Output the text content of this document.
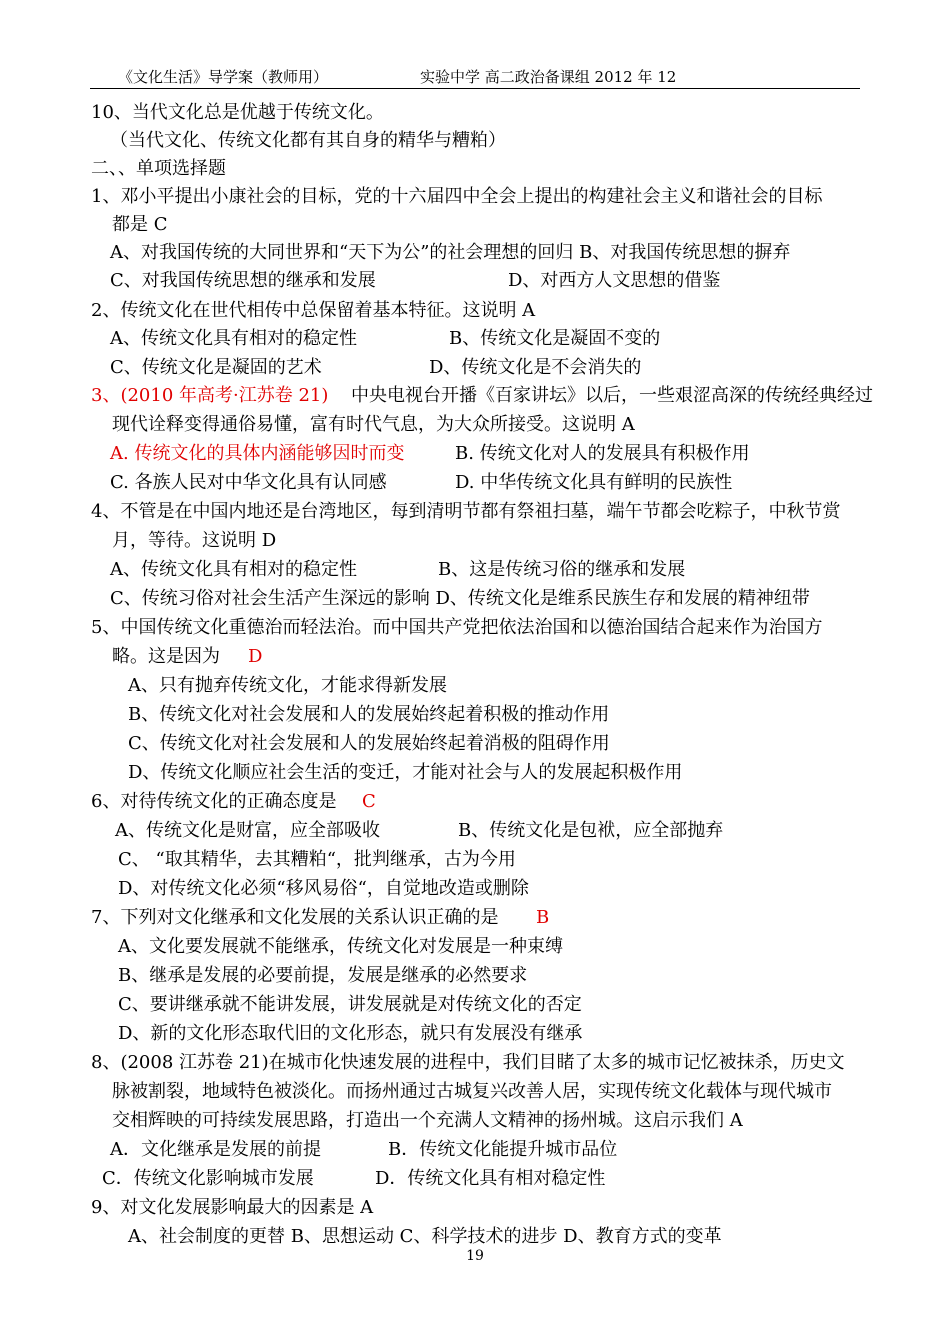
《文化生活》导学案（教师用）	实验中学 高二政治备课组 2012 年 12
10、当代文化总是优越于传统文化。
（当代文化、传统文化都有其自身的精华与糟粕）
二、、单项选择题
1、邓小平提出小康社会的目标，党的十六届四中全会上提出的构建社会主义和谐社会的目标
都是 C
A、对我国传统的大同世界和“天下为公”的社会理想的回归 B、对我国传统思想的摒弃
C、对我国传统思想的继承和发展	D、对西方人文思想的借鉴
2、传统文化在世代相传中总保留着基本特征。这说明 A
A、传统文化具有相对的稳定性	B、传统文化是凝固不变的
C、传统文化是凝固的艺术	D、传统文化是不会消失的
3、(2010 年高考·江苏卷 21) 中央电视台开播《百家讲坛》以后，一些艰涩高深的传统经典经过
现代诠释变得通俗易懂，富有时代气息，为大众所接受。这说明 A
A. 传统文化的具体内涵能够因时而变	B. 传统文化对人的发展具有积极作用
C. 各族人民对中华文化具有认同感	D. 中华传统文化具有鲜明的民族性
4、不管是在中国内地还是台湾地区，每到清明节都有祭祖扫墓，端午节都会吃粽子，中秋节赏
月，等待。这说明 D
A、传统文化具有相对的稳定性	B、这是传统习俗的继承和发展
C、传统习俗对社会生活产生深远的影响 D、传统文化是维系民族生存和发展的精神纽带
5、中国传统文化重德治而轻法治。而中国共产党把依法治国和以德治国结合起来作为治国方
略。这是因为 D
A、只有抛弃传统文化，才能求得新发展
B、传统文化对社会发展和人的发展始终起着积极的推动作用
C、传统文化对社会发展和人的发展始终起着消极的阻碍作用
D、传统文化顺应社会生活的变迁，才能对社会与人的发展起积极作用
6、对待传统文化的正确态度是 C
A、传统文化是财富，应全部吸收	B、传统文化是包袱，应全部抛弃
C、 “取其精华，去其糟粕“，批判继承，古为今用
D、对传统文化必须“移风易俗“，自觉地改造或删除
7、下列对文化继承和文化发展的关系认识正确的是 B
A、文化要发展就不能继承，传统文化对发展是一种束缚
B、继承是发展的必要前提，发展是继承的必然要求
C、要讲继承就不能讲发展，讲发展就是对传统文化的否定
D、新的文化形态取代旧的文化形态，就只有发展没有继承
8、(2008 江苏卷 21)在城市化快速发展的进程中，我们目睹了太多的城市记忆被抹杀，历史文
脉被割裂，地域特色被淡化。而扬州通过古城复兴改善人居，实现传统文化载体与现代城市
交相辉映的可持续发展思路，打造出一个充满人文精神的扬州城。这启示我们 A
A．文化继承是发展的前提	B．传统文化能提升城市品位
C．传统文化影响城市发展	D．传统文化具有相对稳定性
9、对文化发展影响最大的因素是 A
A、社会制度的更替 B、思想运动 C、科学技术的进步 D、教育方式的变革
19
